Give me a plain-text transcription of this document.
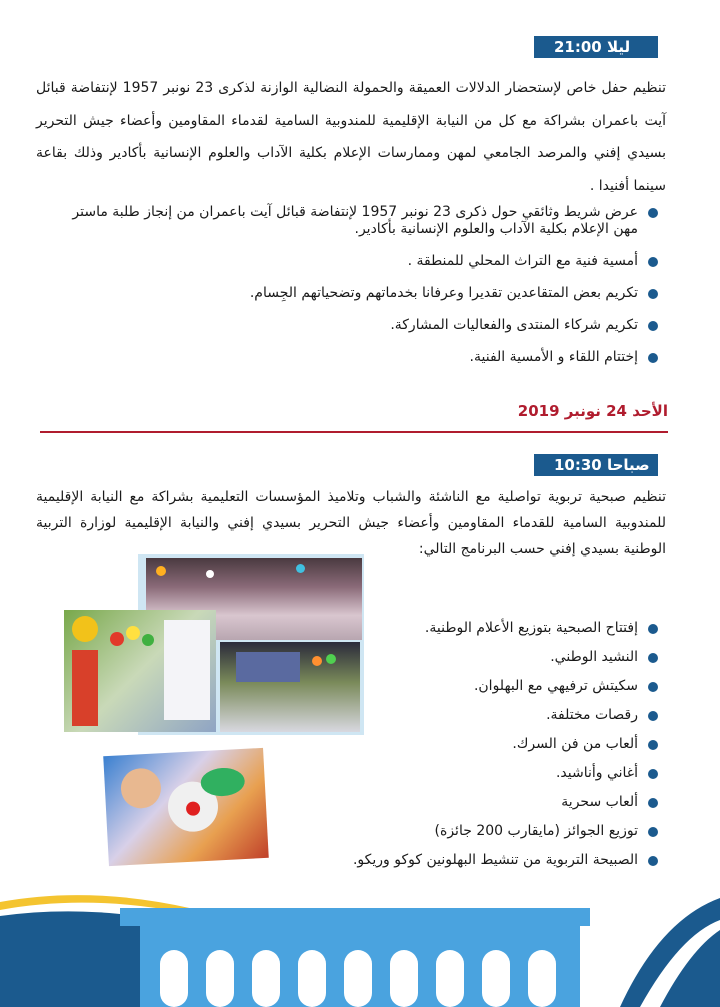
21:00 ليلا
تنظيم حفل خاص لإستحضار الدلالات العميقة والحمولة النضالية الوازنة لذكرى 23 نونبر 1957 لإنتفاضة قبائل آيت باعمران بشراكة مع كل من النيابة الإقليمية للمندوبية السامية لقدماء المقاومين وأعضاء جيش التحرير بسيدي إفني والمرصد الجامعي لمهن وممارسات الإعلام بكلية الآداب والعلوم الإنسانية بأكادير وذلك بقاعة سينما أفنيدا .
عرض شريط وثائقي حول ذكرى 23 نونبر 1957 لإنتفاضة قبائل آيت باعمران من إنجاز طلبة ماستر مهن الإعلام بكلية الآداب والعلوم الإنسانية بأكادير.
أمسية فنية مع التراث المحلي للمنطقة .
تكريم بعض المتقاعدين تقديرا وعرفانا بخدماتهم وتضحياتهم الجِسام.
تكريم شركاء المنتدى والفعاليات المشاركة.
إختتام اللقاء و الأمسية الفنية.
الأحد 24 نونبر 2019
10:30 صباحا
تنظيم صبحية تربوية تواصلية مع الناشئة والشباب وتلاميذ المؤسسات التعليمية بشراكة مع النيابة الإقليمية للمندوبية السامية للقدماء المقاومين وأعضاء جيش التحرير بسيدي إفني والنيابة الإقليمية لوزارة التربية الوطنية بسيدي إفني حسب البرنامج التالي:
إفتتاح الصبحية بتوزيع الأعلام الوطنية.
النشيد الوطني.
سكيتش ترفيهي مع البهلوان.
رقصات مختلفة.
ألعاب من فن السرك.
أغاني وأناشيد.
ألعاب سحرية
توزيع الجوائز (مايقارب 200 جائزة)
الصبيحة التربوية من تنشيط البهلونين كوكو وريكو.
